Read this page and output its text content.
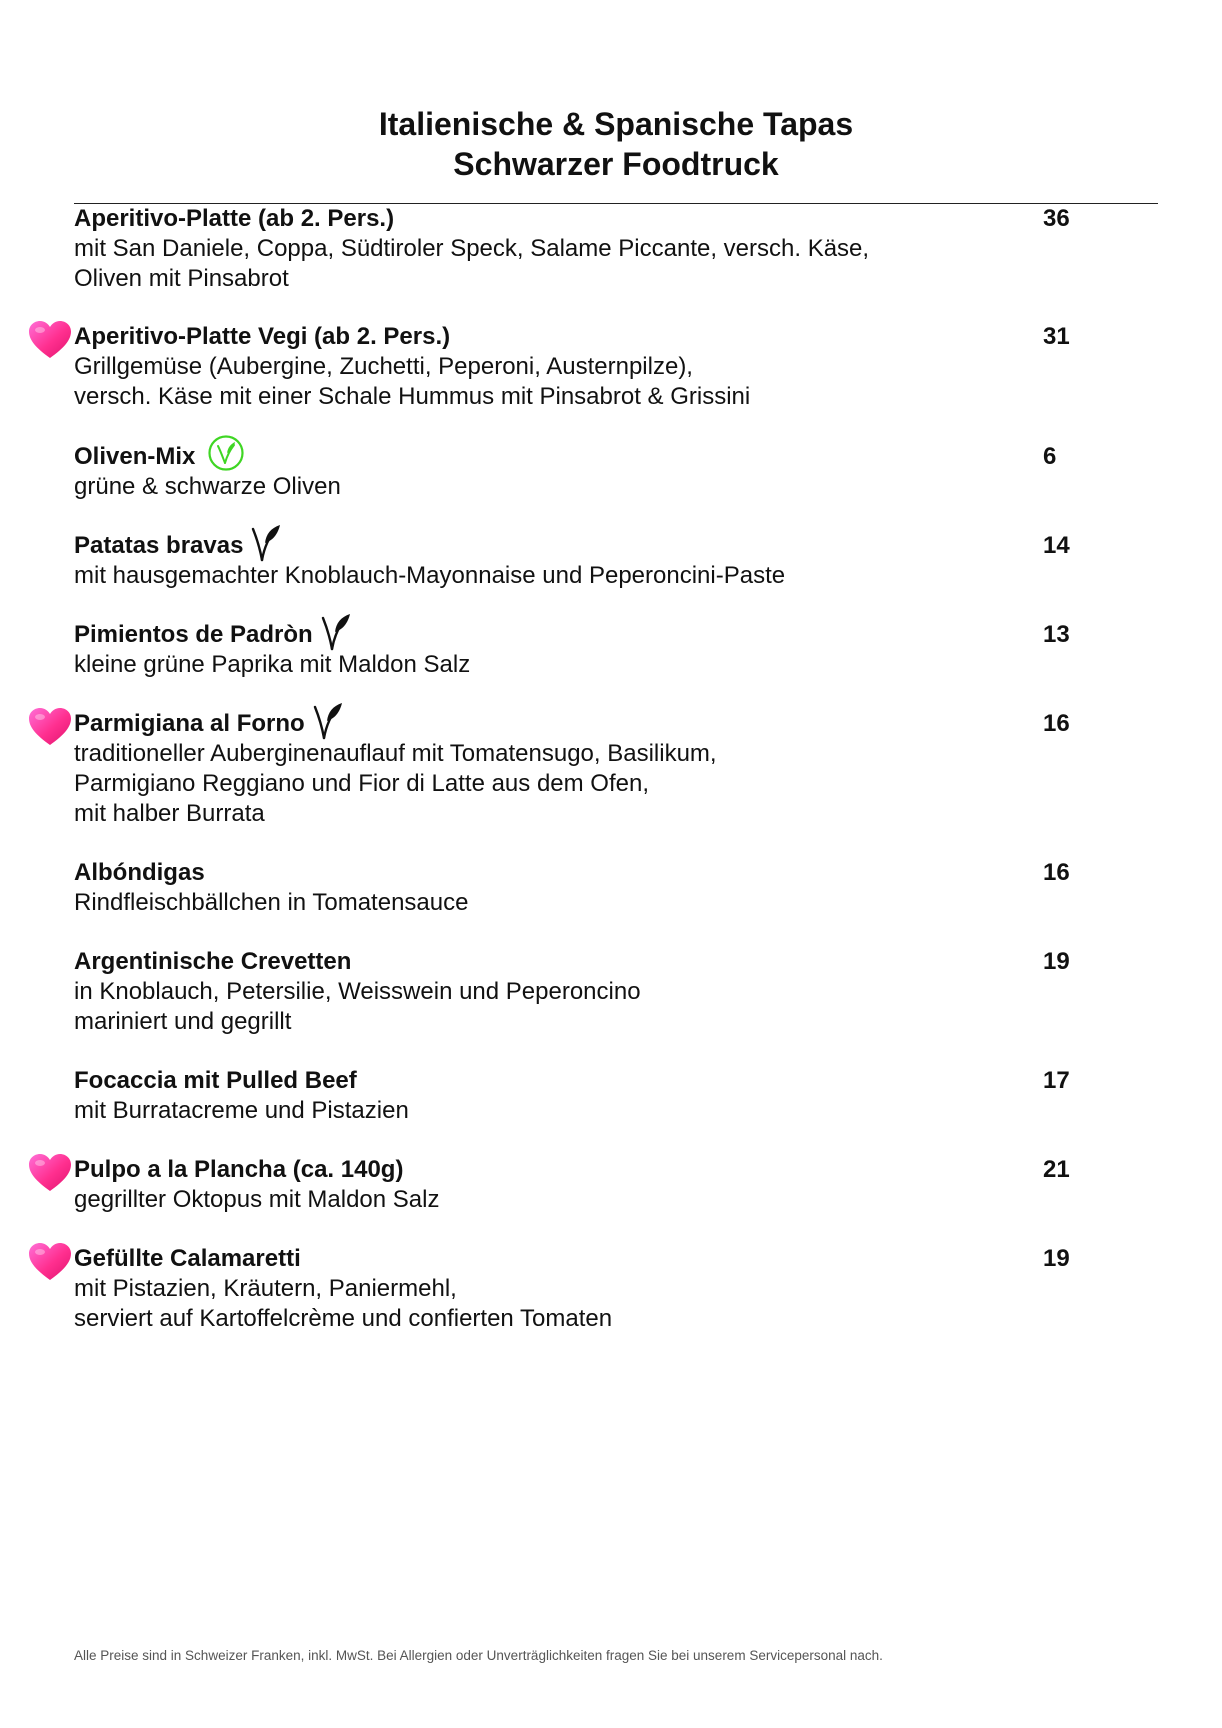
Italienische & Spanische Tapas
Schwarzer Foodtruck
Aperitivo-Platte (ab 2. Pers.)
mit San Daniele, Coppa, Südtiroler Speck, Salame Piccante, versch. Käse,
Oliven mit Pinsabrot
36
Aperitivo-Platte Vegi (ab 2. Pers.)
Grillgemüse (Aubergine, Zuchetti, Peperoni, Austernpilze),
versch. Käse mit einer Schale Hummus mit Pinsabrot & Grissini
31
Oliven-Mix
grüne & schwarze Oliven
6
Patatas bravas
mit hausgemachter Knoblauch-Mayonnaise und Peperoncini-Paste
14
Pimientos de Padròn
kleine grüne Paprika mit Maldon Salz
13
Parmigiana al Forno
traditioneller Auberginenauflauf mit Tomatensugo, Basilikum,
Parmigiano Reggiano und Fior di Latte aus dem Ofen,
mit halber Burrata
16
Albóndigas
Rindfleischbällchen in Tomatensauce
16
Argentinische Crevetten
in Knoblauch, Petersilie, Weisswein und Peperoncino
mariniert und gegrillt
19
Focaccia mit Pulled Beef
mit Burratacreme und Pistazien
17
Pulpo a la Plancha (ca. 140g)
gegrillter Oktopus mit Maldon Salz
21
Gefüllte Calamaretti
mit Pistazien, Kräutern, Paniermehl,
serviert auf Kartoffelcrème und confierten Tomaten
19
Alle Preise sind in Schweizer Franken, inkl. MwSt. Bei Allergien oder Unverträglichkeiten fragen Sie bei unserem Servicepersonal nach.
